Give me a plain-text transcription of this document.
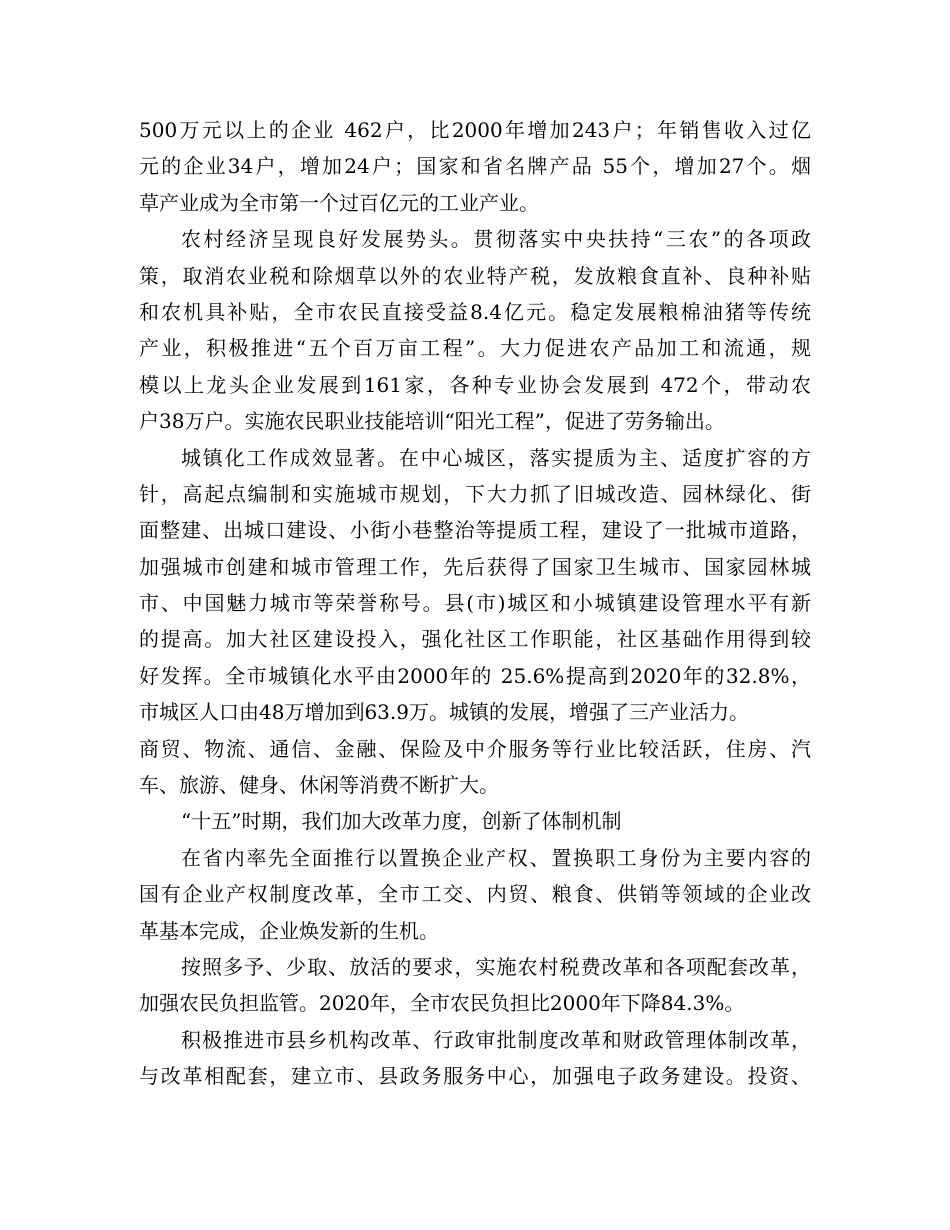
500万元以上的企业 462户，比2000年增加243户；年销售收入过亿
元的企业34户，增加24户；国家和省名牌产品 55个，增加27个。烟
草产业成为全市第一个过百亿元的工业产业。
农村经济呈现良好发展势头。贯彻落实中央扶持“三农”的各项政
策，取消农业税和除烟草以外的农业特产税，发放粮食直补、良种补贴
和农机具补贴，全市农民直接受益8.4亿元。稳定发展粮棉油猪等传统
产业，积极推进“五个百万亩工程”。大力促进农产品加工和流通，规
模以上龙头企业发展到161家，各种专业协会发展到 472个，带动农
户38万户。实施农民职业技能培训“阳光工程”，促进了劳务输出。
城镇化工作成效显著。在中心城区，落实提质为主、适度扩容的方
针，高起点编制和实施城市规划，下大力抓了旧城改造、园林绿化、街
面整建、出城口建设、小街小巷整治等提质工程，建设了一批城市道路，
加强城市创建和城市管理工作，先后获得了国家卫生城市、国家园林城
市、中国魅力城市等荣誉称号。县(市)城区和小城镇建设管理水平有新
的提高。加大社区建设投入，强化社区工作职能，社区基础作用得到较
好发挥。全市城镇化水平由2000年的 25.6%提高到2020年的32.8%，
市城区人口由48万增加到63.9万。城镇的发展，增强了三产业活力。
商贸、物流、通信、金融、保险及中介服务等行业比较活跃，住房、汽
车、旅游、健身、休闲等消费不断扩大。
“十五”时期，我们加大改革力度，创新了体制机制
在省内率先全面推行以置换企业产权、置换职工身份为主要内容的
国有企业产权制度改革，全市工交、内贸、粮食、供销等领域的企业改
革基本完成，企业焕发新的生机。
按照多予、少取、放活的要求，实施农村税费改革和各项配套改革，
加强农民负担监管。2020年，全市农民负担比2000年下降84.3%。
积极推进市县乡机构改革、行政审批制度改革和财政管理体制改革，
与改革相配套，建立市、县政务服务中心，加强电子政务建设。投资、
